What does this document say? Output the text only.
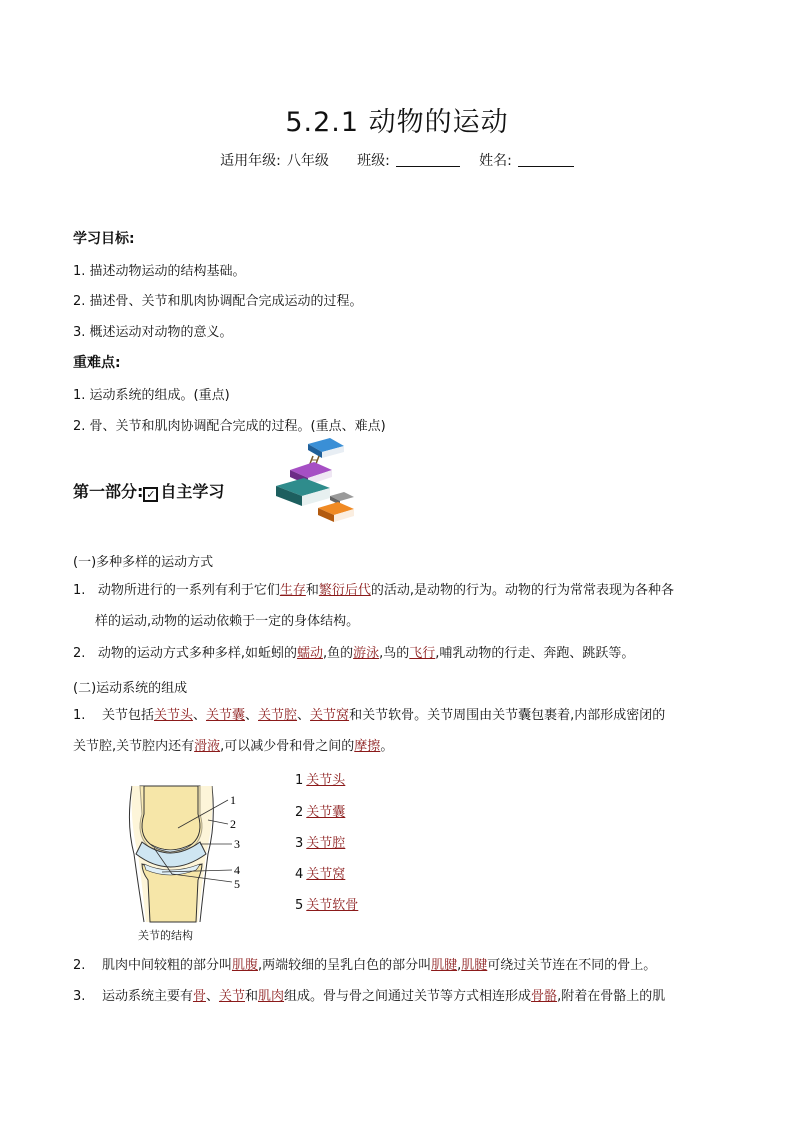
5.2.1 动物的运动
适用年级: 八年级 班级:	姓名:
学习目标:
1. 描述动物运动的结构基础。
2. 描述骨、关节和肌肉协调配合完成运动的过程。
3. 概述运动对动物的意义。
重难点:
1. 运动系统的组成。(重点)
2. 骨、关节和肌肉协调配合完成的过程。(重点、难点)
第一部分: ✓ 自主学习
(一)多种多样的运动方式
1. 动物所进行的一系列有利于它们生存和繁衍后代的活动,是动物的行为。动物的行为常常表现为各种各
样的运动,动物的运动依赖于一定的身体结构。
2. 动物的运动方式多种多样,如蚯蚓的蠕动,鱼的游泳,鸟的飞行,哺乳动物的行走、奔跑、跳跃等。
(二)运动系统的组成
1. 关节包括关节头、关节囊、关节腔、关节窝和关节软骨。关节周围由关节囊包裹着,内部形成密闭的
关节腔,关节腔内还有滑液,可以减少骨和骨之间的摩擦。
1
2
3
4
5
关节的结构
1 关节头
2 关节囊
3 关节腔
4 关节窝
5 关节软骨
2. 肌肉中间较粗的部分叫肌腹,两端较细的呈乳白色的部分叫肌腱,肌腱可绕过关节连在不同的骨上。
3. 运动系统主要有骨、关节和肌肉组成。骨与骨之间通过关节等方式相连形成骨骼,附着在骨骼上的肌
